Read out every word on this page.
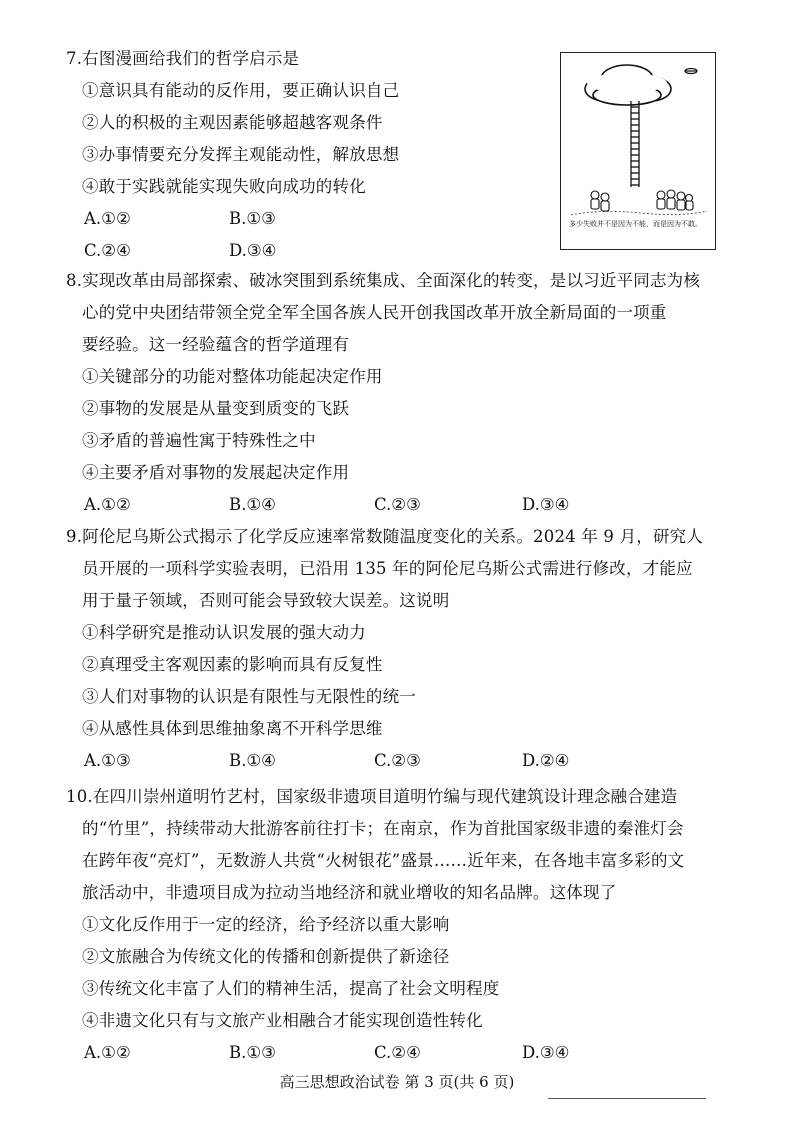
7.右图漫画给我们的哲学启示是
①意识具有能动的反作用，要正确认识自己
②人的积极的主观因素能够超越客观条件
③办事情要充分发挥主观能动性，解放思想
④敢于实践就能实现失败向成功的转化
A.①②	B.①③
C.②④	D.③④
多少失败并不是因为不能，而是因为不敢。
8.实现改革由局部探索、破冰突围到系统集成、全面深化的转变，是以习近平同志为核
心的党中央团结带领全党全军全国各族人民开创我国改革开放全新局面的一项重
要经验。这一经验蕴含的哲学道理有
①关键部分的功能对整体功能起决定作用
②事物的发展是从量变到质变的飞跃
③矛盾的普遍性寓于特殊性之中
④主要矛盾对事物的发展起决定作用
A.①②	B.①④	C.②③	D.③④
9.阿伦尼乌斯公式揭示了化学反应速率常数随温度变化的关系。2024 年 9 月，研究人
员开展的一项科学实验表明，已沿用 135 年的阿伦尼乌斯公式需进行修改，才能应
用于量子领域，否则可能会导致较大误差。这说明
①科学研究是推动认识发展的强大动力
②真理受主客观因素的影响而具有反复性
③人们对事物的认识是有限性与无限性的统一
④从感性具体到思维抽象离不开科学思维
A.①③	B.①④	C.②③	D.②④
10.在四川崇州道明竹艺村，国家级非遗项目道明竹编与现代建筑设计理念融合建造
的“竹里”，持续带动大批游客前往打卡；在南京，作为首批国家级非遗的秦淮灯会
在跨年夜“亮灯”，无数游人共赏“火树银花”盛景……近年来，在各地丰富多彩的文
旅活动中，非遗项目成为拉动当地经济和就业增收的知名品牌。这体现了
①文化反作用于一定的经济，给予经济以重大影响
②文旅融合为传统文化的传播和创新提供了新途径
③传统文化丰富了人们的精神生活，提高了社会文明程度
④非遗文化只有与文旅产业相融合才能实现创造性转化
A.①②	B.①③	C.②④	D.③④
高三思想政治试卷 第 3 页(共 6 页)
